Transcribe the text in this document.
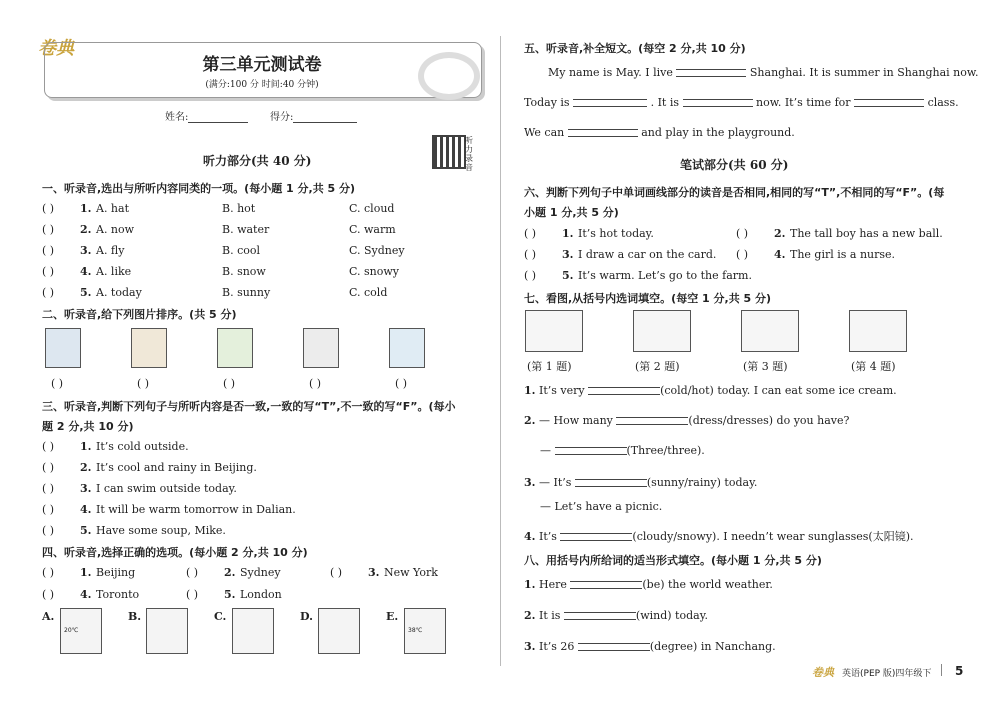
卷典
第三单元测试卷
(满分:100 分 时间:40 分钟)
姓名:	得分:
听力录音
听力部分(共 40 分)
一、听录音,选出与所听内容同类的一项。(每小题 1 分,共 5 分)
( ) 1. A. hat	B. hot	C. cloud
( ) 2. A. now	B. water	C. warm
( ) 3. A. fly	B. cool	C. Sydney
( ) 4. A. like	B. snow	C. snowy
( ) 5. A. today	B. sunny	C. cold
二、听录音,给下列图片排序。(共 5 分)
( )	( )	( )	( )	( )
三、听录音,判断下列句子与所听内容是否一致,一致的写“T”,不一致的写“F”。(每小
题 2 分,共 10 分)
( ) 1. It’s cold outside.
( ) 2. It’s cool and rainy in Beijing.
( ) 3. I can swim outside today.
( ) 4. It will be warm tomorrow in Dalian.
( ) 5. Have some soup, Mike.
四、听录音,选择正确的选项。(每小题 2 分,共 10 分)
( ) 1. Beijing	( ) 2. Sydney	( ) 3. New York
( ) 4. Toronto	( ) 5. London
A.
20℃
B.	C.	D.	E.
38℃
五、听录音,补全短文。(每空 2 分,共 10 分)
My name is May. I live	Shanghai. It is summer in Shanghai now.
Today is	. It is	now. It’s time for	class.
We can	and play in the playground.
笔试部分(共 60 分)
六、判断下列句子中单词画线部分的读音是否相同,相同的写“T”,不相同的写“F”。(每
小题 1 分,共 5 分)
( ) 1. It’s hot today.	( ) 2. The tall boy has a new ball.
( ) 3. I draw a car on the card. ( ) 4. The girl is a nurse.
( ) 5. It’s warm. Let’s go to the farm.
七、看图,从括号内选词填空。(每空 1 分,共 5 分)
(第 1 题)	(第 2 题)	(第 3 题)	(第 4 题)
1. It’s very	(cold/hot) today. I can eat some ice cream.
2. — How many	(dress/dresses) do you have?
—	(Three/three).
3. — It’s	(sunny/rainy) today.
— Let’s have a picnic.
4. It’s	(cloudy/snowy). I needn’t wear sunglasses(太阳镜).
八、用括号内所给词的适当形式填空。(每小题 1 分,共 5 分)
1. Here	(be) the world weather.
2. It is	(wind) today.
3. It’s 26	(degree) in Nanchang.
卷典 英语(PEP 版)四年级下 5
